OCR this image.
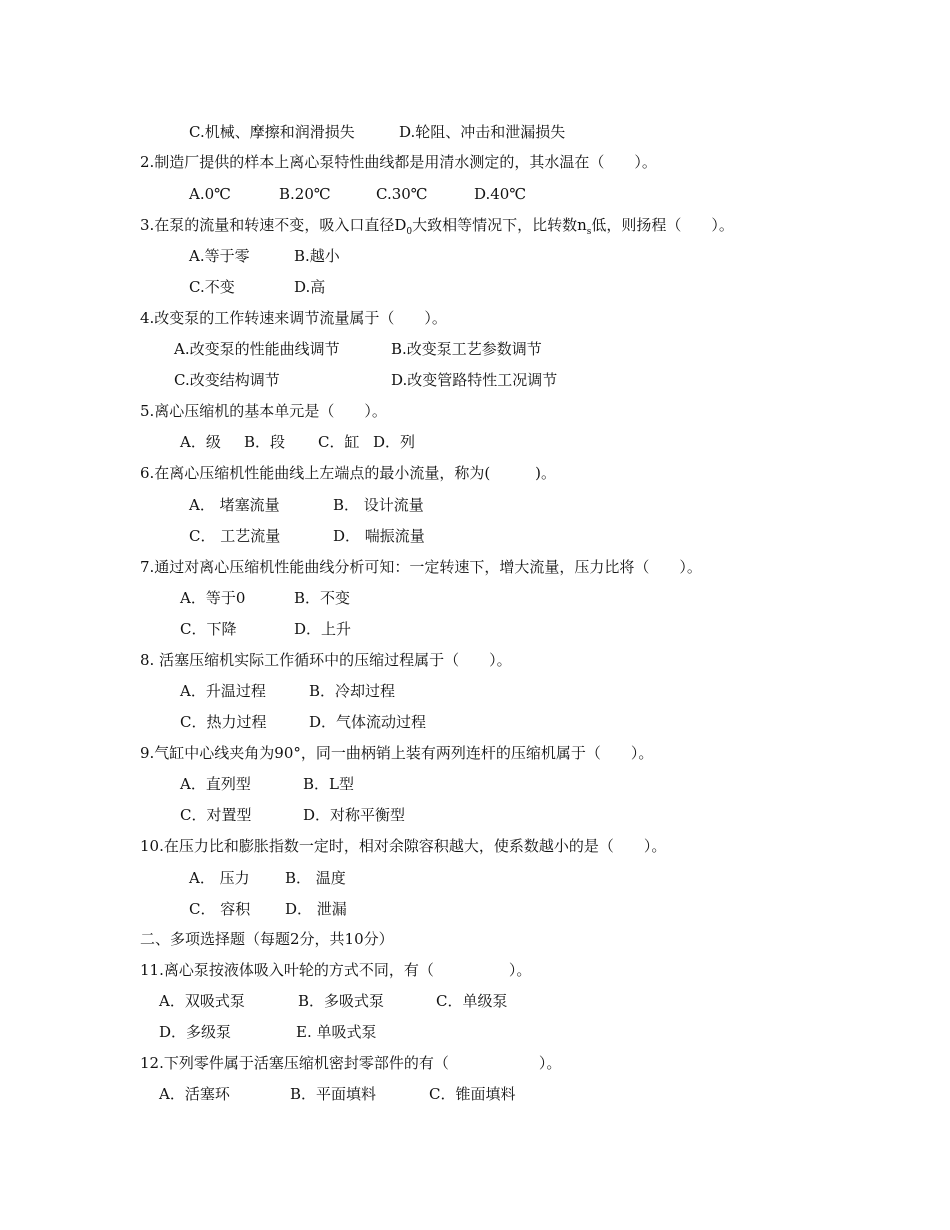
C.机械、摩擦和润滑损失	D.轮阻、冲击和泄漏损失
2.制造厂提供的样本上离心泵特性曲线都是用清水测定的，其水温在（　　）。
A.0℃	B.20℃	C.30℃	D.40℃
3.在泵的流量和转速不变，吸入口直径$D_0$大致相等情况下，比转数$n_s$低，则扬程（　　）。
A.等于零	B.越小
C.不变	D.高
4.改变泵的工作转速来调节流量属于（　　）。
A.改变泵的性能曲线调节	B.改变泵工艺参数调节
C.改变结构调节	D.改变管路特性工况调节
5.离心压缩机的基本单元是（　　）。
A．级 B．段 C．缸 D．列
6.在离心压缩机性能曲线上左端点的最小流量，称为(　　　)。
A． 堵塞流量	B． 设计流量
C． 工艺流量	D． 喘振流量
7.通过对离心压缩机性能曲线分析可知：一定转速下，增大流量，压力比将（　　）。
A．等于0	B．不变
C．下降	D．上升
8. 活塞压缩机实际工作循环中的压缩过程属于（　　）。
A．升温过程	B．冷却过程
C．热力过程	D．气体流动过程
9.气缸中心线夹角为90°，同一曲柄销上装有两列连杆的压缩机属于（　　）。
A．直列型	B．L型
C．对置型	D．对称平衡型
10.在压力比和膨胀指数一定时，相对余隙容积越大，使系数越小的是（　　）。
A． 压力 B． 温度
C． 容积 D． 泄漏
二、多项选择题（每题2分，共10分）
11.离心泵按液体吸入叶轮的方式不同，有（　　　　　）。
A．双吸式泵	B．多吸式泵	C．单级泵
D．多级泵	E. 单吸式泵
12.下列零件属于活塞压缩机密封零部件的有（　　　　　　）。
A．活塞环	B．平面填料	C．锥面填料
